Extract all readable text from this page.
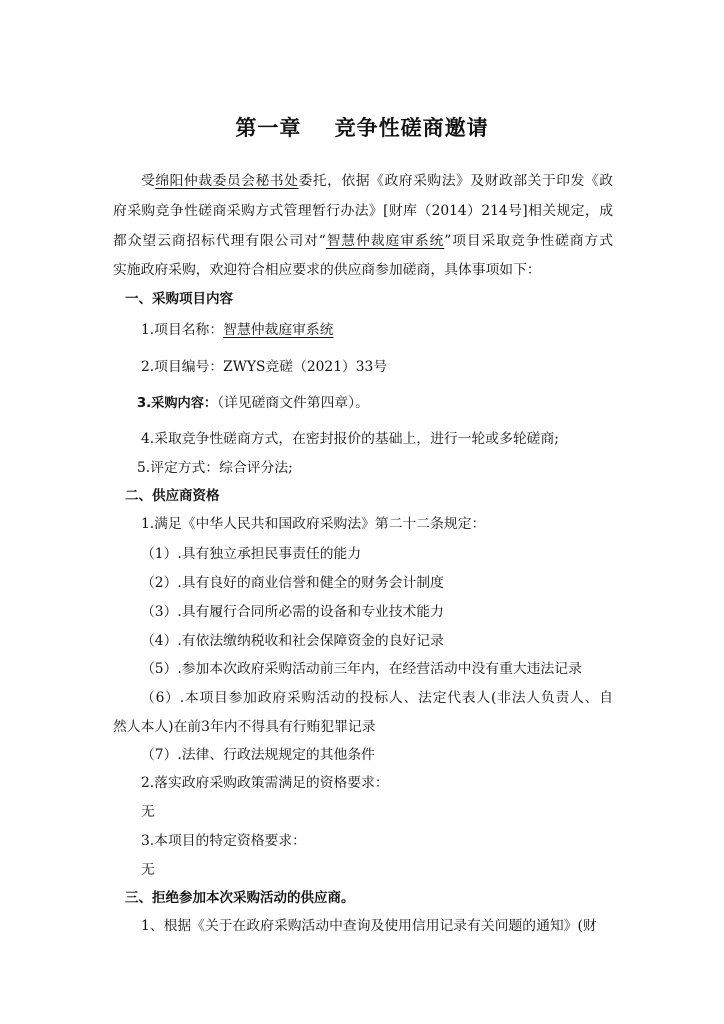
第一章    竞争性磋商邀请
受绵阳仲裁委员会秘书处委托，依据《政府采购法》及财政部关于印发《政
府采购竞争性磋商采购方式管理暂行办法》[财库（2014）214号]相关规定，成
都众望云商招标代理有限公司对“智慧仲裁庭审系统”项目采取竞争性磋商方式
实施政府采购，欢迎符合相应要求的供应商参加磋商，具体事项如下：
一、采购项目内容
1.项目名称：智慧仲裁庭审系统
2.项目编号：ZWYS竞磋（2021）33号
3.采购内容：（详见磋商文件第四章）。
4.采取竞争性磋商方式，在密封报价的基础上，进行一轮或多轮磋商;
5.评定方式：综合评分法;
二、供应商资格
1.满足《中华人民共和国政府采购法》第二十二条规定：
（1）.具有独立承担民事责任的能力
（2）.具有良好的商业信誉和健全的财务会计制度
（3）.具有履行合同所必需的设备和专业技术能力
（4）.有依法缴纳税收和社会保障资金的良好记录
（5）.参加本次政府采购活动前三年内，在经营活动中没有重大违法记录
（6）.本项目参加政府采购活动的投标人、法定代表人(非法人负责人、自
然人本人)在前3年内不得具有行贿犯罪记录
（7）.法律、行政法规规定的其他条件
2.落实政府采购政策需满足的资格要求：
无
3.本项目的特定资格要求：
无
三、拒绝参加本次采购活动的供应商。
1、根据《关于在政府采购活动中查询及使用信用记录有关问题的通知》(财
